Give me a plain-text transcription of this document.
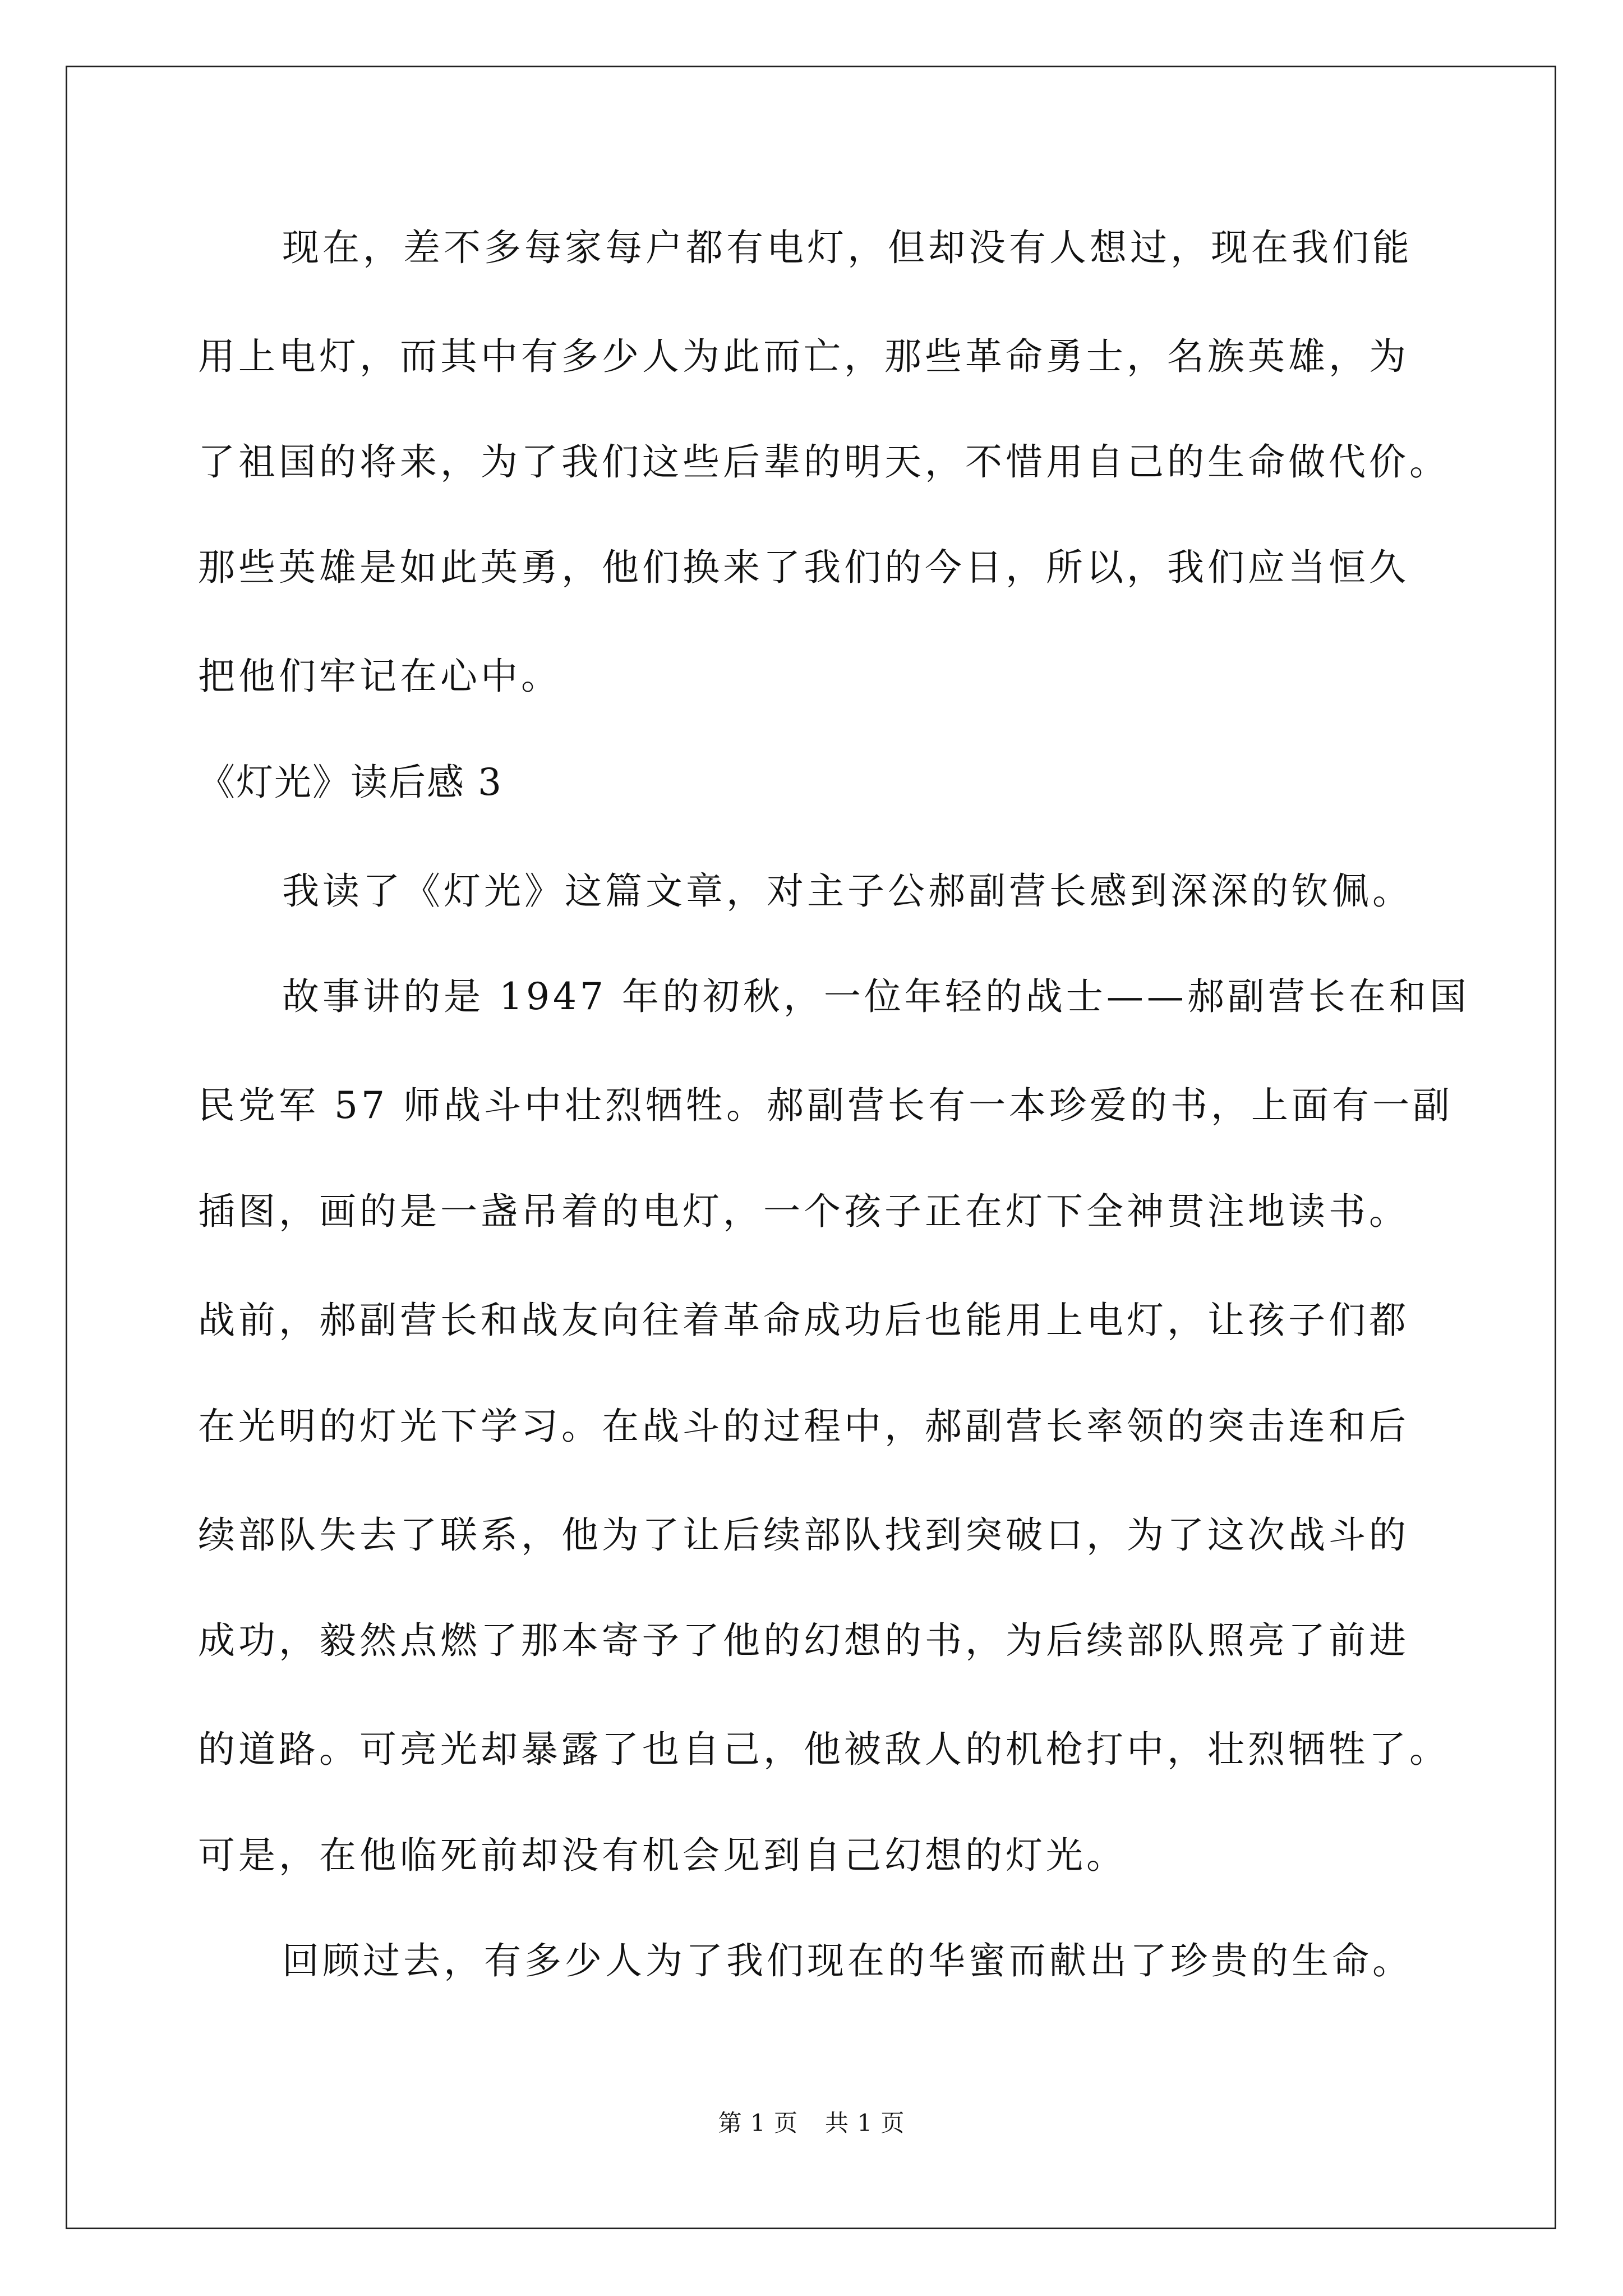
现在，差不多每家每户都有电灯，但却没有人想过，现在我们能
用上电灯，而其中有多少人为此而亡，那些革命勇士，名族英雄，为
了祖国的将来，为了我们这些后辈的明天，不惜用自己的生命做代价。
那些英雄是如此英勇，他们换来了我们的今日，所以，我们应当恒久
把他们牢记在心中。
《灯光》读后感 3
我读了《灯光》这篇文章，对主子公郝副营长感到深深的钦佩。
故事讲的是 1947 年的初秋，一位年轻的战士——郝副营长在和国
民党军 57 师战斗中壮烈牺牲。郝副营长有一本珍爱的书，上面有一副
插图，画的是一盏吊着的电灯，一个孩子正在灯下全神贯注地读书。
战前，郝副营长和战友向往着革命成功后也能用上电灯，让孩子们都
在光明的灯光下学习。在战斗的过程中，郝副营长率领的突击连和后
续部队失去了联系，他为了让后续部队找到突破口，为了这次战斗的
成功，毅然点燃了那本寄予了他的幻想的书，为后续部队照亮了前进
的道路。可亮光却暴露了也自己，他被敌人的机枪打中，壮烈牺牲了。
可是，在他临死前却没有机会见到自己幻想的灯光。
回顾过去，有多少人为了我们现在的华蜜而献出了珍贵的生命。
第 1 页 共 1 页
